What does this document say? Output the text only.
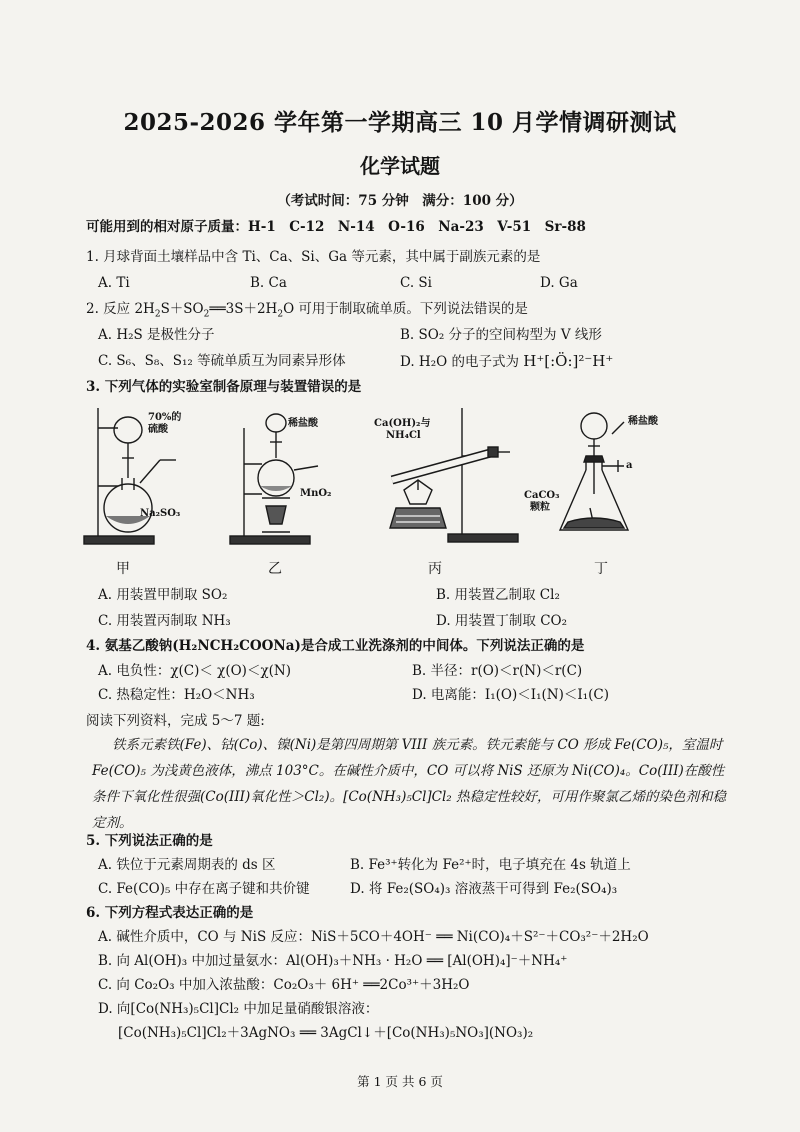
2025-2026 学年第一学期高三 10 月学情调研测试
化学试题
（考试时间：75 分钟　满分：100 分）
可能用到的相对原子质量：H-1　C-12　N-14　O-16　Na-23　V-51　Sr-88
1. 月球背面土壤样品中含 Ti、Ca、Si、Ga 等元素，其中属于副族元素的是
A. Ti	B. Ca	C. Si	D. Ga
2. 反应 $2H_2S+SO_2══3S+2H_2O$ 可用于制取硫单质。下列说法错误的是
A. H₂S 是极性分子	B. SO₂ 分子的空间构型为 V 线形
C. S₆、S₈、S₁₂ 等硫单质互为同素异形体	D. H₂O 的电子式为 H⁺[:Ö:]²⁻H⁺
3. 下列气体的实验室制备原理与装置错误的是
70%的
硫酸
Na₂SO₃
稀盐酸
MnO₂
Ca(OH)₂与
NH₄Cl
稀盐酸
a
CaCO₃
颗粒
甲	乙	丙	丁
A. 用装置甲制取 SO₂	B. 用装置乙制取 Cl₂
C. 用装置丙制取 NH₃	D. 用装置丁制取 CO₂
4. 氨基乙酸钠(H₂NCH₂COONa)是合成工业洗涤剂的中间体。下列说法正确的是
A. 电负性：χ(C)＜ χ(O)＜χ(N)	B. 半径：r(O)＜r(N)＜r(C)
C. 热稳定性：H₂O＜NH₃	D. 电离能：I₁(O)＜I₁(N)＜I₁(C)
阅读下列资料，完成 5～7 题:
铁系元素铁(Fe)、钴(Co)、镍(Ni)是第四周期第 VIII 族元素。铁元素能与 CO 形成 Fe(CO)₅，室温时 Fe(CO)₅ 为浅黄色液体，沸点 103°C。在碱性介质中，CO 可以将 NiS 还原为 Ni(CO)₄。Co(III)在酸性条件下氧化性很强(Co(III)氧化性＞Cl₂)。[Co(NH₃)₅Cl]Cl₂ 热稳定性较好，可用作聚氯乙烯的染色剂和稳定剂。
5. 下列说法正确的是
A. 铁位于元素周期表的 ds 区	B. Fe³⁺转化为 Fe²⁺时，电子填充在 4s 轨道上
C. Fe(CO)₅ 中存在离子键和共价键	D. 将 Fe₂(SO₄)₃ 溶液蒸干可得到 Fe₂(SO₄)₃
6. 下列方程式表达正确的是
A. 碱性介质中，CO 与 NiS 反应：NiS＋5CO＋4OH⁻ ══ Ni(CO)₄＋S²⁻＋CO₃²⁻＋2H₂O
B. 向 Al(OH)₃ 中加过量氨水：Al(OH)₃＋NH₃ · H₂O ══ [Al(OH)₄]⁻＋NH₄⁺
C. 向 Co₂O₃ 中加入浓盐酸：Co₂O₃＋ 6H⁺ ══2Co³⁺＋3H₂O
D. 向[Co(NH₃)₅Cl]Cl₂ 中加足量硝酸银溶液：
[Co(NH₃)₅Cl]Cl₂＋3AgNO₃ ══ 3AgCl↓＋[Co(NH₃)₅NO₃](NO₃)₂
第 1 页 共 6 页
